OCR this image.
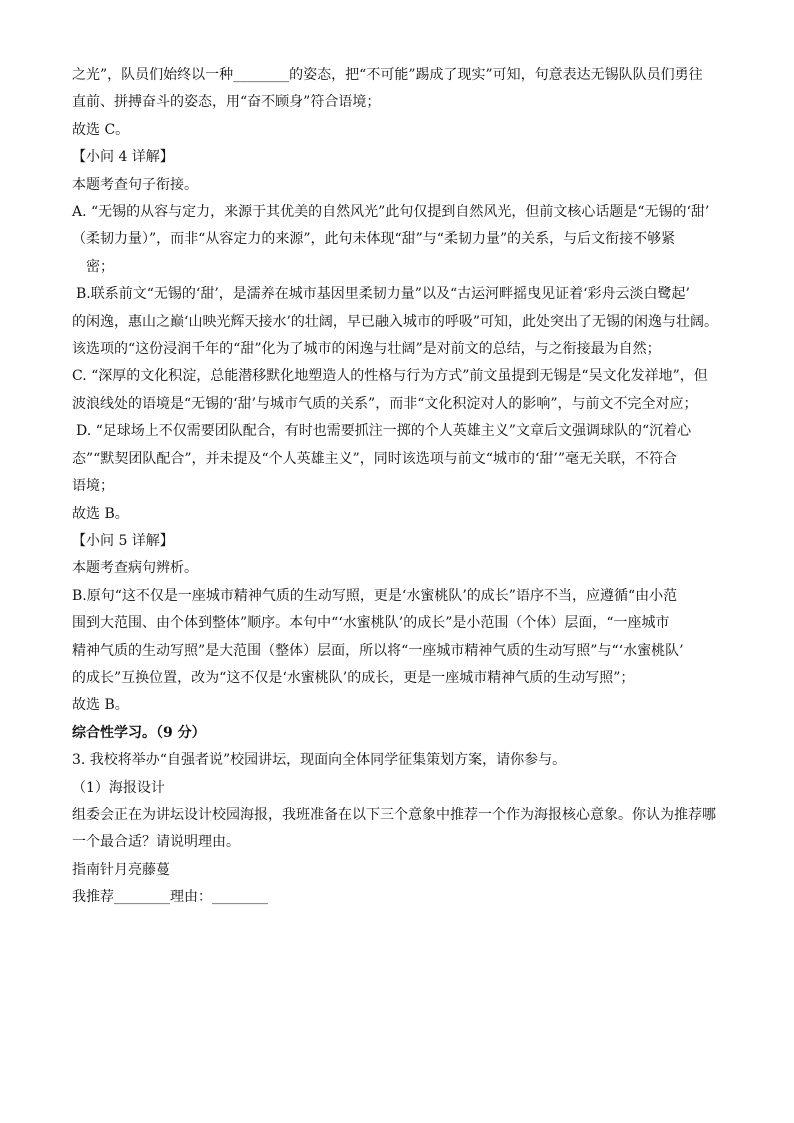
之光”，队员们始终以一种________的姿态，把“不可能”踢成了现实”可知，句意表达无锡队队员们勇往

直前、拼搏奋斗的姿态，用“奋不顾身”符合语境；

故选 C。

【小问 4 详解】

本题考查句子衔接。

A. “无锡的从容与定力，来源于其优美的自然风光”此句仅提到自然风光，但前文核心话题是“无锡的‘甜’

（柔韧力量）”，而非“从容定力的来源”，此句未体现“甜”与“柔韧力量”的关系，与后文衔接不够紧

密；

B.联系前文“无锡的‘甜’，是濡养在城市基因里柔韧力量”以及“古运河畔摇曳见证着‘彩舟云淡白鹭起’

的闲逸，惠山之巅‘山映光辉天接水’的壮阔，早已融入城市的呼吸”可知，此处突出了无锡的闲逸与壮阔。

该选项的“这份浸润千年的“甜”化为了城市的闲逸与壮阔”是对前文的总结，与之衔接最为自然；

C. “深厚的文化积淀，总能潜移默化地塑造人的性格与行为方式”前文虽提到无锡是“吴文化发祥地”，但

波浪线处的语境是“无锡的‘甜’与城市气质的关系”，而非“文化积淀对人的影响”，与前文不完全对应；

D. “足球场上不仅需要团队配合，有时也需要抓注一掷的个人英雄主义”文章后文强调球队的“沉着心

态”“默契团队配合”，并未提及“个人英雄主义”，同时该选项与前文“城市的‘甜’”毫无关联，不符合

语境；

故选 B。

【小问 5 详解】

本题考查病句辨析。

B.原句“这不仅是一座城市精神气质的生动写照，更是‘水蜜桃队’的成长”语序不当，应遵循“由小范

围到大范围、由个体到整体”顺序。本句中“‘水蜜桃队’的成长”是小范围（个体）层面，“一座城市

精神气质的生动写照”是大范围（整体）层面，所以将“一座城市精神气质的生动写照”与“‘水蜜桃队’

的成长”互换位置，改为“这不仅是‘水蜜桃队’的成长，更是一座城市精神气质的生动写照”；

故选 B。

综合性学习。（9 分）

3. 我校将举办“自强者说”校园讲坛，现面向全体同学征集策划方案，请你参与。

（1）海报设计

组委会正在为讲坛设计校园海报，我班准备在以下三个意象中推荐一个作为海报核心意象。你认为推荐哪

一个最合适？请说明理由。

指南针月亮藤蔓

我推荐________理由：________
